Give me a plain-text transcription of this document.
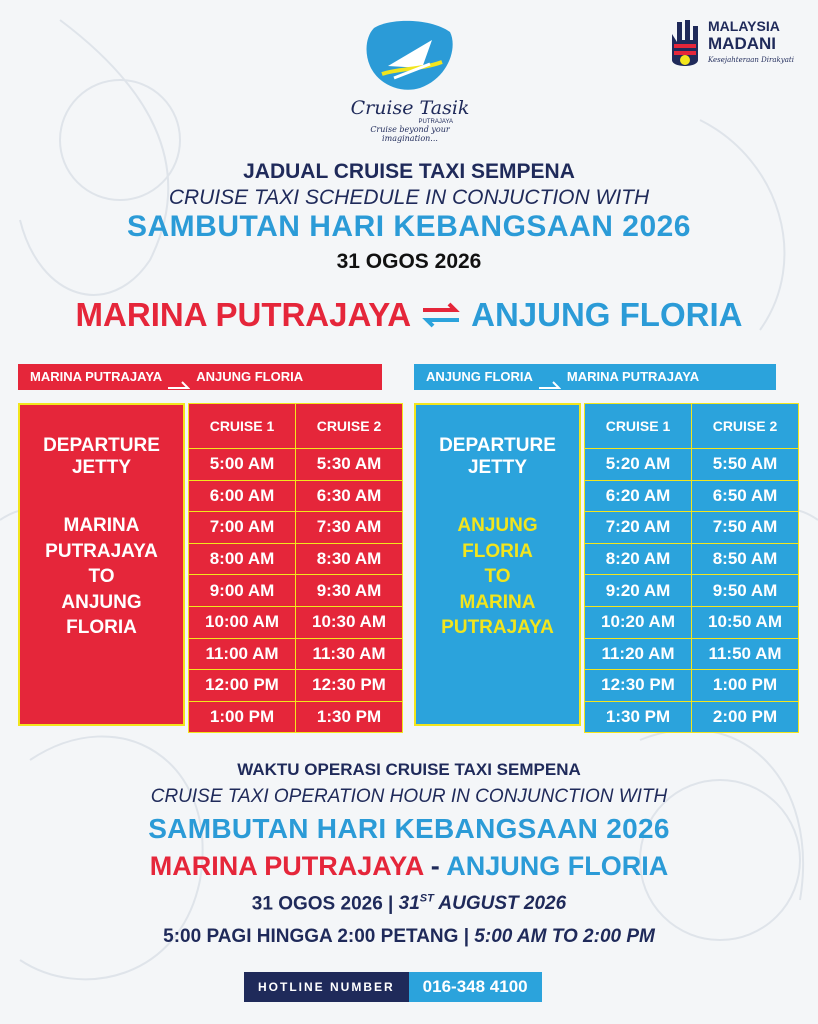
Cruise Tasik
PUTRAJAYA
Cruise beyond your imagination...
MALAYSIA
MADANI
Kesejahteraan Dirakyati
JADUAL CRUISE TAXI SEMPENA
CRUISE TAXI SCHEDULE IN CONJUCTION WITH
SAMBUTAN HARI KEBANGSAAN 2026
31 OGOS 2026
MARINA PUTRAJAYA ANJUNG FLORIA
MARINA PUTRAJAYA	ANJUNG FLORIA	ANJUNG FLORIA	MARINA PUTRAJAYA
DEPARTURE
JETTY
MARINA
PUTRAJAYA
TO
ANJUNG
FLORIA
CRUISE 1	CRUISE 2
5:00 AM	5:30 AM
6:00 AM	6:30 AM
7:00 AM	7:30 AM
8:00 AM	8:30 AM
9:00 AM	9:30 AM
10:00 AM	10:30 AM
11:00 AM	11:30 AM
12:00 PM	12:30 PM
1:00 PM	1:30 PM
DEPARTURE
JETTY
ANJUNG
FLORIA
TO
MARINA
PUTRAJAYA
CRUISE 1	CRUISE 2
5:20 AM	5:50 AM
6:20 AM	6:50 AM
7:20 AM	7:50 AM
8:20 AM	8:50 AM
9:20 AM	9:50 AM
10:20 AM	10:50 AM
11:20 AM	11:50 AM
12:30 PM	1:00 PM
1:30 PM	2:00 PM
WAKTU OPERASI CRUISE TAXI SEMPENA
CRUISE TAXI OPERATION HOUR IN CONJUNCTION WITH
SAMBUTAN HARI KEBANGSAAN 2026
MARINA PUTRAJAYA - ANJUNG FLORIA
31 OGOS 2026 | 31ST AUGUST 2026
5:00 PAGI HINGGA 2:00 PETANG | 5:00 AM TO 2:00 PM
HOTLINE NUMBER	016-348 4100
